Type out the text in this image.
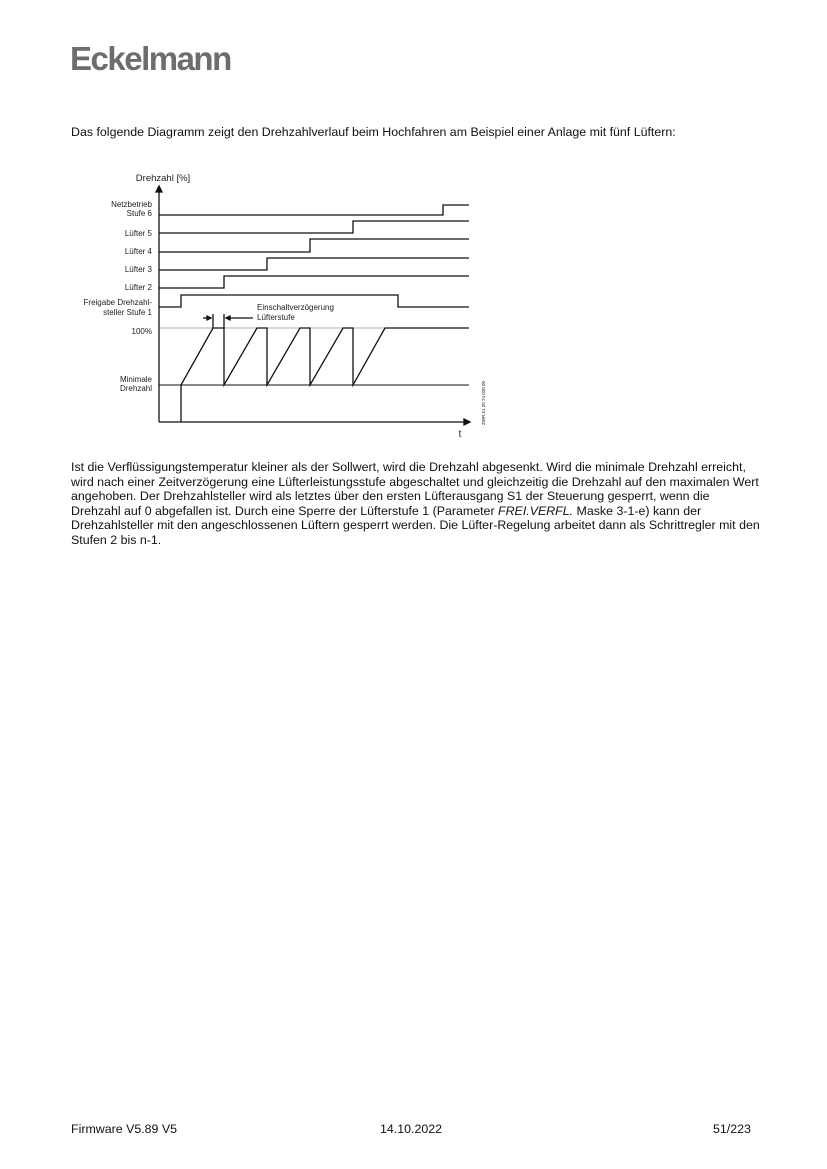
Eckelmann
Das folgende Diagramm zeigt den Drehzahlverlauf beim Hochfahren am Beispiel einer Anlage mit fünf Lüftern:
Drehzahl [%]
Netzbetrieb
Stufe 6
Lüfter 5
Lüfter 4
Lüfter 3
Lüfter 2
Freigabe Drehzahl-
steller Stufe 1
100%
Minimale
Drehzahl
Einschaltverzögerung
Lüfterstufe
t
ZWR.51 20 74 030 00
Ist die Verflüssigungstemperatur kleiner als der Sollwert, wird die Drehzahl abgesenkt. Wird die minimale Drehzahl erreicht, wird nach einer Zeitverzögerung eine Lüfterleistungsstufe abgeschaltet und gleichzeitig die Drehzahl auf den maximalen Wert angehoben. Der Drehzahlsteller wird als letztes über den ersten Lüfterausgang S1 der Steuerung gesperrt, wenn die Drehzahl auf 0 abgefallen ist. Durch eine Sperre der Lüfterstufe 1 (Parameter FREI.VERFL. Maske 3-1-e) kann der Drehzahlsteller mit den angeschlossenen Lüftern gesperrt werden. Die Lüfter-Regelung arbeitet dann als Schrittregler mit den Stufen 2 bis n-1.
Firmware V5.89 V5	14.10.2022	51/223
